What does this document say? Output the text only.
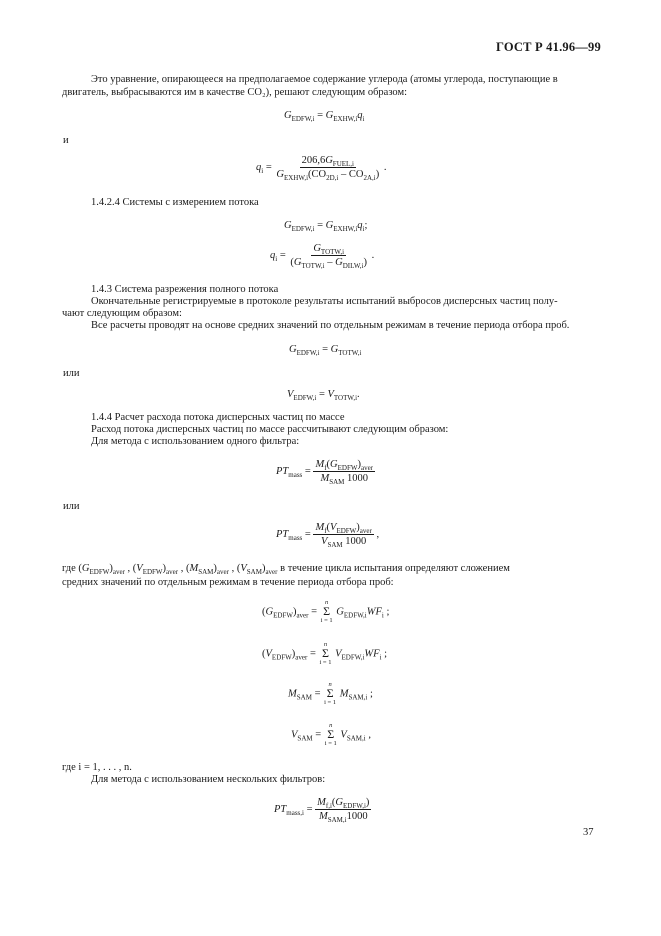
ГОСТ Р 41.96—99
Это уравнение, опирающееся на предполагаемое содержание углерода (атомы углерода, поступающие в
двигатель, выбрасываются им в качестве CO₂), решают следующим образом:
$G_{EDFW,i} = G_{EXHW,i}q_i$
и
$q_i = \frac{206,6G_{FUEL,i}}{G_{EXHW,i}(CO_{2D,i} - CO_{2A,i})}$ .
1.4.2.4 Системы с измерением потока
$G_{EDFW,i} = G_{EXHW,i}q_i$;
$q_i = \frac{G_{TOTW,i}}{(G_{TOTW,i} - G_{DILW,i})}$ .
1.4.3 Система разрежения полного потока
Окончательные регистрируемые в протоколе результаты испытаний выбросов дисперсных частиц полу-
чают следующим образом:
Все расчеты проводят на основе средних значений по отдельным режимам в течение периода отбора проб.
$G_{EDFW,i} = G_{TOTW,i}$
или
$V_{EDFW,i} = V_{TOTW,i}$.
1.4.4 Расчет расхода потока дисперсных частиц по массе
Расход потока дисперсных частиц по массе рассчитывают следующим образом:
Для метода с использованием одного фильтра:
$PT_{mass} = \frac{M_f(G_{EDFW})_{aver}}{M_{SAM} 1000}$
или
$PT_{mass} = \frac{M_f(V_{EDFW})_{aver}}{V_{SAM} 1000}$ ,
где $(G_{EDFW})_{aver}$ , $(V_{EDFW})_{aver}$ , $(M_{SAM})_{aver}$ , $(V_{SAM})_{aver}$ в течение цикла испытания определяют сложением
средних значений по отдельным режимам в течение периода отбора проб:
$(G_{EDFW})_{aver}$ =
n
Σ
i = 1
$G_{EDFW,i}WF_i$ ;
$(V_{EDFW})_{aver}$ =
n
Σ
i = 1
$V_{EDFW,i}WF_i$ ;
$M_{SAM}$ =
n
Σ
i = 1
$M_{SAM,i}$ ;
$V_{SAM}$ =
n
Σ
i = 1
$V_{SAM,i}$ ,
где i = 1, . . . , n.
Для метода с использованием нескольких фильтров:
$PT_{mass,i} = \frac{M_{f,i}(G_{EDFW,i})}{M_{SAM,i}1000}$
37
